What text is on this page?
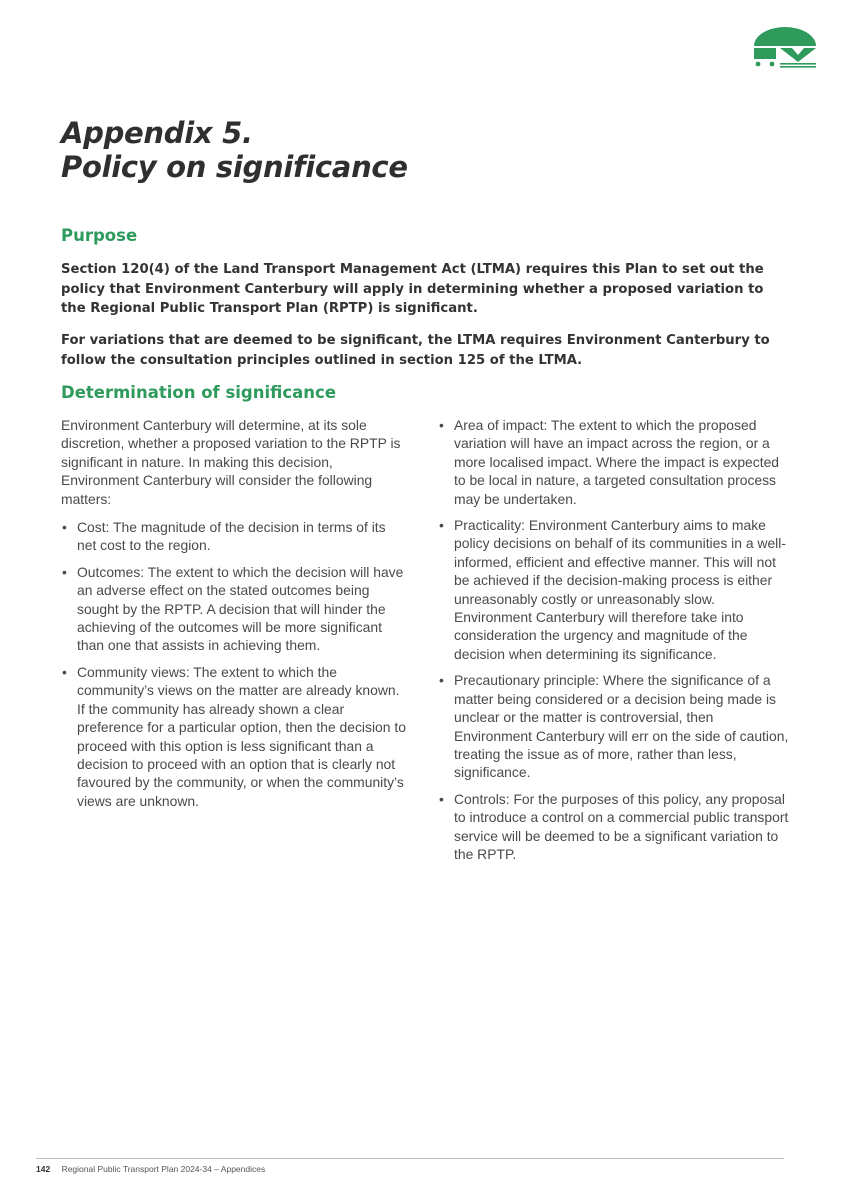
Appendix 5.
Policy on significance
Purpose

Section 120(4) of the Land Transport Management Act (LTMA) requires this Plan to set out the policy that Environment Canterbury will apply in determining whether a proposed variation to the Regional Public Transport Plan (RPTP) is significant.

For variations that are deemed to be significant, the LTMA requires Environment Canterbury to follow the consultation principles outlined in section 125 of the LTMA.

Determination of significance

Environment Canterbury will determine, at its sole discretion, whether a proposed variation to the RPTP is significant in nature. In making this decision, Environment Canterbury will consider the following matters:

• Cost: The magnitude of the decision in terms of its net cost to the region.
• Outcomes: The extent to which the decision will have an adverse effect on the stated outcomes being sought by the RPTP. A decision that will hinder the achieving of the outcomes will be more significant than one that assists in achieving them.
• Community views: The extent to which the community’s views on the matter are already known. If the community has already shown a clear preference for a particular option, then the decision to proceed with this option is less significant than a decision to proceed with an option that is clearly not favoured by the community, or when the community’s views are unknown.
• Area of impact: The extent to which the proposed variation will have an impact across the region, or a more localised impact. Where the impact is expected to be local in nature, a targeted consultation process may be undertaken.
• Practicality: Environment Canterbury aims to make policy decisions on behalf of its communities in a well-informed, efficient and effective manner. This will not be achieved if the decision-making process is either unreasonably costly or unreasonably slow. Environment Canterbury will therefore take into consideration the urgency and magnitude of the decision when determining its significance.
• Precautionary principle: Where the significance of a matter being considered or a decision being made is unclear or the matter is controversial, then Environment Canterbury will err on the side of caution, treating the issue as of more, rather than less, significance.
• Controls: For the purposes of this policy, any proposal to introduce a control on a commercial public transport service will be deemed to be a significant variation to the RPTP.
142 Regional Public Transport Plan 2024-34 – Appendices
